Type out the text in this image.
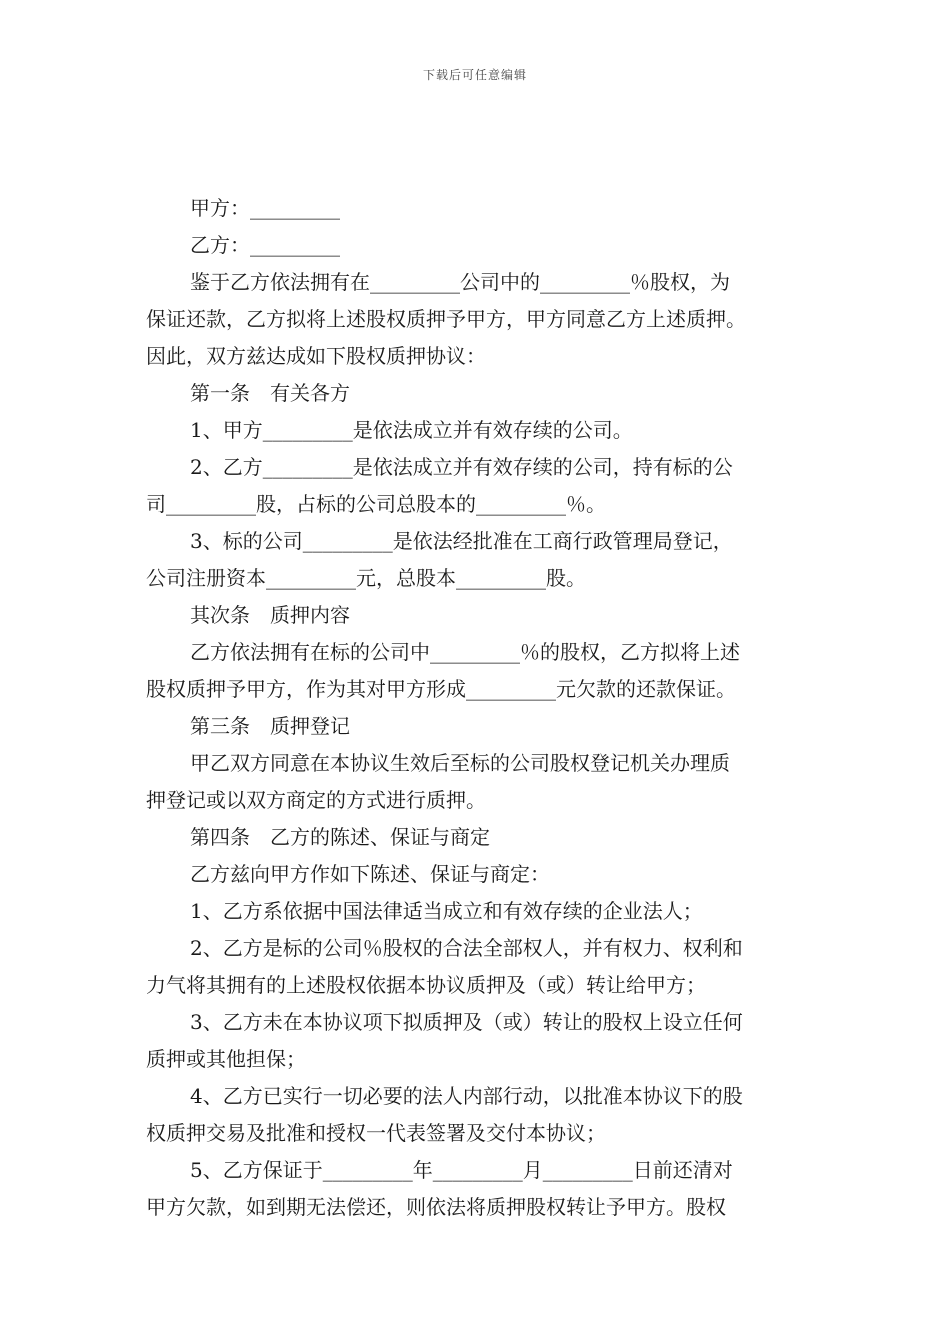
下载后可任意编辑
甲方：_________
乙方：_________
鉴于乙方依法拥有在_________公司中的_________％股权，为
保证还款，乙方拟将上述股权质押予甲方，甲方同意乙方上述质押。
因此，双方兹达成如下股权质押协议：
第一条　有关各方
1、甲方_________是依法成立并有效存续的公司。
2、乙方_________是依法成立并有效存续的公司，持有标的公
司_________股，占标的公司总股本的_________％。
3、标的公司_________是依法经批准在工商行政管理局登记，
公司注册资本_________元，总股本_________股。
其次条　质押内容
乙方依法拥有在标的公司中_________％的股权，乙方拟将上述
股权质押予甲方，作为其对甲方形成_________元欠款的还款保证。
第三条　质押登记
甲乙双方同意在本协议生效后至标的公司股权登记机关办理质
押登记或以双方商定的方式进行质押。
第四条　乙方的陈述、保证与商定
乙方兹向甲方作如下陈述、保证与商定：
1、乙方系依据中国法律适当成立和有效存续的企业法人；
2、乙方是标的公司％股权的合法全部权人，并有权力、权利和
力气将其拥有的上述股权依据本协议质押及（或）转让给甲方；
3、乙方未在本协议项下拟质押及（或）转让的股权上设立任何
质押或其他担保；
4、乙方已实行一切必要的法人内部行动，以批准本协议下的股
权质押交易及批准和授权一代表签署及交付本协议；
5、乙方保证于_________年_________月_________日前还清对
甲方欠款，如到期无法偿还，则依法将质押股权转让予甲方。股权
